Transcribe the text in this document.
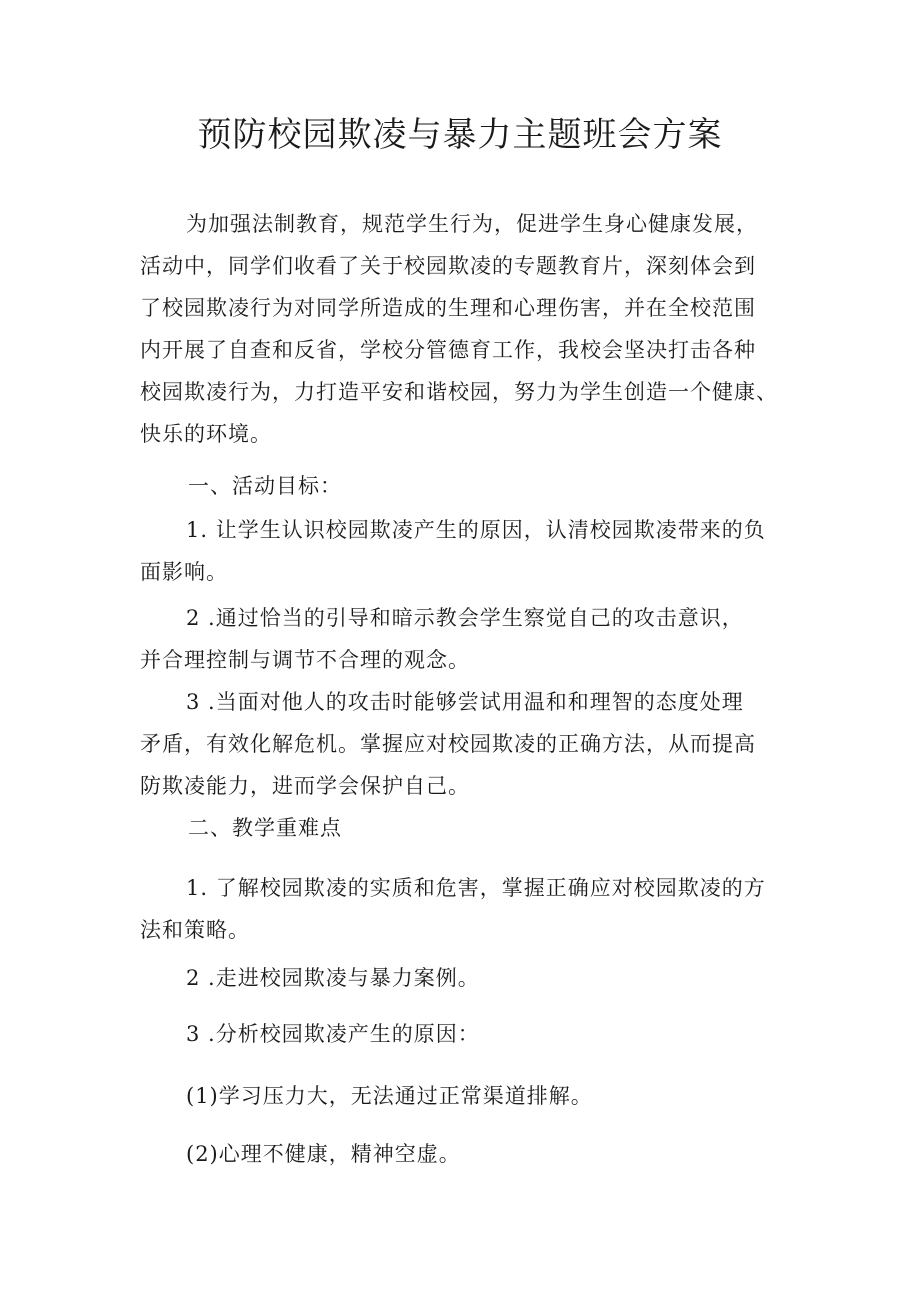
预防校园欺凌与暴力主题班会方案
为加强法制教育，规范学生行为，促进学生身心健康发展，
活动中，同学们收看了关于校园欺凌的专题教育片，深刻体会到
了校园欺凌行为对同学所造成的生理和心理伤害，并在全校范围
内开展了自查和反省，学校分管德育工作，我校会坚决打击各种
校园欺凌行为，力打造平安和谐校园，努力为学生创造一个健康、
快乐的环境。
一、活动目标：
1. 让学生认识校园欺凌产生的原因，认清校园欺凌带来的负
面影响。
2 .通过恰当的引导和暗示教会学生察觉自己的攻击意识，
并合理控制与调节不合理的观念。
3 .当面对他人的攻击时能够尝试用温和和理智的态度处理
矛盾，有效化解危机。掌握应对校园欺凌的正确方法，从而提高
防欺凌能力，进而学会保护自己。
二、教学重难点
1. 了解校园欺凌的实质和危害，掌握正确应对校园欺凌的方
法和策略。
2 .走进校园欺凌与暴力案例。
3 .分析校园欺凌产生的原因：
(1)学习压力大，无法通过正常渠道排解。
(2)心理不健康，精神空虚。
